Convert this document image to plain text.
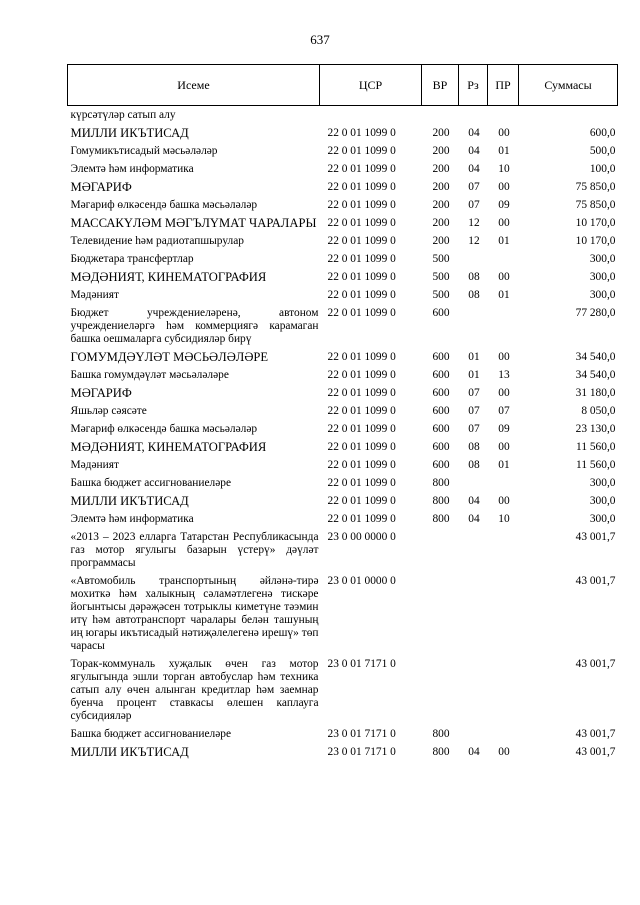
637
Исеме	ЦСР	ВР	Рз	ПР	Суммасы
күрсәтүләр сатып алу					
МИЛЛИ ИКЪТИСАД	22 0 01 1099 0	200	04	00	600,0
Гомумикътисадый мәсьәләләр	22 0 01 1099 0	200	04	01	500,0
Элемтә һәм информатика	22 0 01 1099 0	200	04	10	100,0
МӘГАРИФ	22 0 01 1099 0	200	07	00	75 850,0
Мәгариф өлкәсендә башка мәсьәләләр	22 0 01 1099 0	200	07	09	75 850,0
МАССАКҮЛӘМ МӘГЪЛҮМАТ ЧАРАЛАРЫ	22 0 01 1099 0	200	12	00	10 170,0
Телевидение һәм радиотапшырулар	22 0 01 1099 0	200	12	01	10 170,0
Бюджетара трансфертлар	22 0 01 1099 0	500			300,0
МӘДӘНИЯТ, КИНЕМАТОГРАФИЯ	22 0 01 1099 0	500	08	00	300,0
Мәдәният	22 0 01 1099 0	500	08	01	300,0
Бюджет учреждениеләренә, автоном учреждениеләргә һәм коммерциягә карамаган башка оешмаларга субсидияләр бирү	22 0 01 1099 0	600			77 280,0
ГОМУМДӘҮЛӘТ МӘСЬӘЛӘЛӘРЕ	22 0 01 1099 0	600	01	00	34 540,0
Башка гомумдәүләт мәсьәләләре	22 0 01 1099 0	600	01	13	34 540,0
МӘГАРИФ	22 0 01 1099 0	600	07	00	31 180,0
Яшьләр сәясәте	22 0 01 1099 0	600	07	07	8 050,0
Мәгариф өлкәсендә башка мәсьәләләр	22 0 01 1099 0	600	07	09	23 130,0
МӘДӘНИЯТ, КИНЕМАТОГРАФИЯ	22 0 01 1099 0	600	08	00	11 560,0
Мәдәният	22 0 01 1099 0	600	08	01	11 560,0
Башка бюджет ассигнованиеләре	22 0 01 1099 0	800			300,0
МИЛЛИ ИКЪТИСАД	22 0 01 1099 0	800	04	00	300,0
Элемтә һәм информатика	22 0 01 1099 0	800	04	10	300,0
«2013 – 2023 елларга Татарстан Республикасында газ мотор ягулыгы базарын үстерү» дәүләт программасы	23 0 00 0000 0				43 001,7
«Автомобиль транспортының әйләнә-тирә мохиткә һәм халыкның сәламәтлегенә тискәре йогынтысы дәрәҗәсен тотрыклы киметүне тәэмин итү һәм автотранспорт чаралары белән ташуның иң югары икътисадый нәтиҗәлелегенә ирешү» төп чарасы	23 0 01 0000 0				43 001,7
Торак-коммуналь хуҗалык өчен газ мотор ягулыгында эшли торган автобуслар һәм техника сатып алу өчен алынган кредитлар һәм заемнар буенча процент ставкасы өлешен каплауга субсидияләр	23 0 01 7171 0				43 001,7
Башка бюджет ассигнованиеләре	23 0 01 7171 0	800			43 001,7
МИЛЛИ ИКЪТИСАД	23 0 01 7171 0	800	04	00	43 001,7
